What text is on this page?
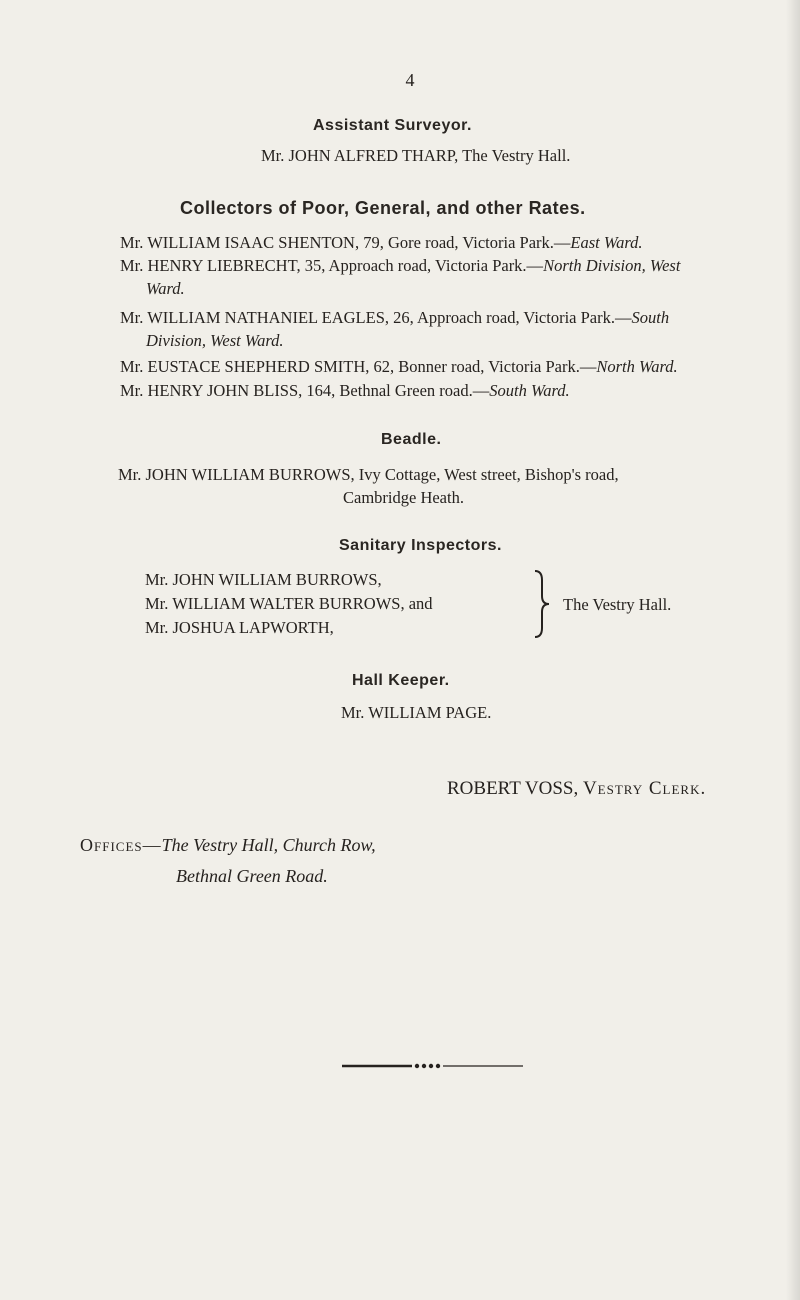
4
Assistant Surveyor.
Mr. JOHN ALFRED THARP, The Vestry Hall.
Collectors of Poor, General, and other Rates.
Mr. WILLIAM ISAAC SHENTON, 79, Gore road, Victoria Park.—East Ward.
Mr. HENRY LIEBRECHT, 35, Approach road, Victoria Park.—North Division, West
Ward.
Mr. WILLIAM NATHANIEL EAGLES, 26, Approach road, Victoria Park.—South
Division, West Ward.
Mr. EUSTACE SHEPHERD SMITH, 62, Bonner road, Victoria Park.—North Ward.
Mr. HENRY JOHN BLISS, 164, Bethnal Green road.—South Ward.
Beadle.
Mr. JOHN WILLIAM BURROWS, Ivy Cottage, West street, Bishop's road,
Cambridge Heath.
Sanitary Inspectors.
Mr. JOHN WILLIAM BURROWS,
Mr. WILLIAM WALTER BURROWS, and
Mr. JOSHUA LAPWORTH,
The Vestry Hall.
Hall Keeper.
Mr. WILLIAM PAGE.
ROBERT VOSS, Vestry Clerk.
Offices—The Vestry Hall, Church Row,
Bethnal Green Road.
